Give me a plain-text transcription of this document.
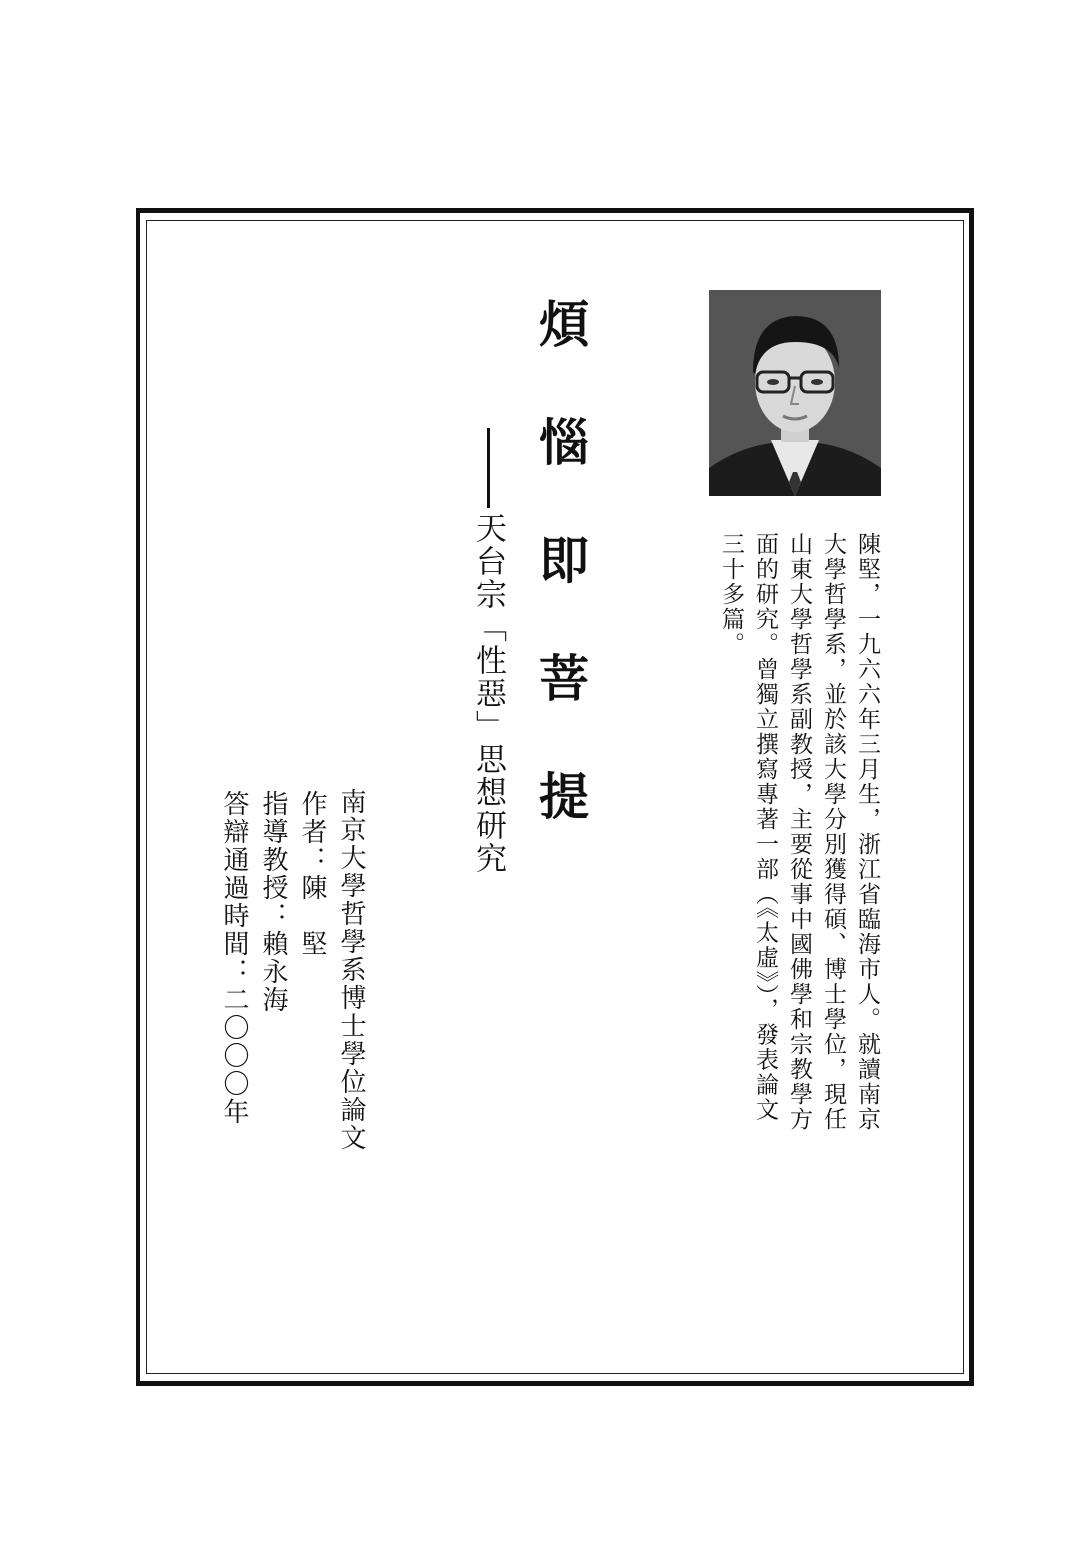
煩惱即菩提
天台宗「性惡」思想研究
南京大學哲學系博士學位論文
作者：陳　堅
指導教授：賴永海
答辯通過時間：二〇〇〇年	陳堅，一九六六年三月生，浙江省臨海市人。就讀南京大學哲學系，並於該大學分別獲得碩、博士學位，現任山東大學哲學系副教授，主要從事中國佛學和宗教學方面的研究。曾獨立撰寫專著一部（《太虛》），發表論文三十多篇。
